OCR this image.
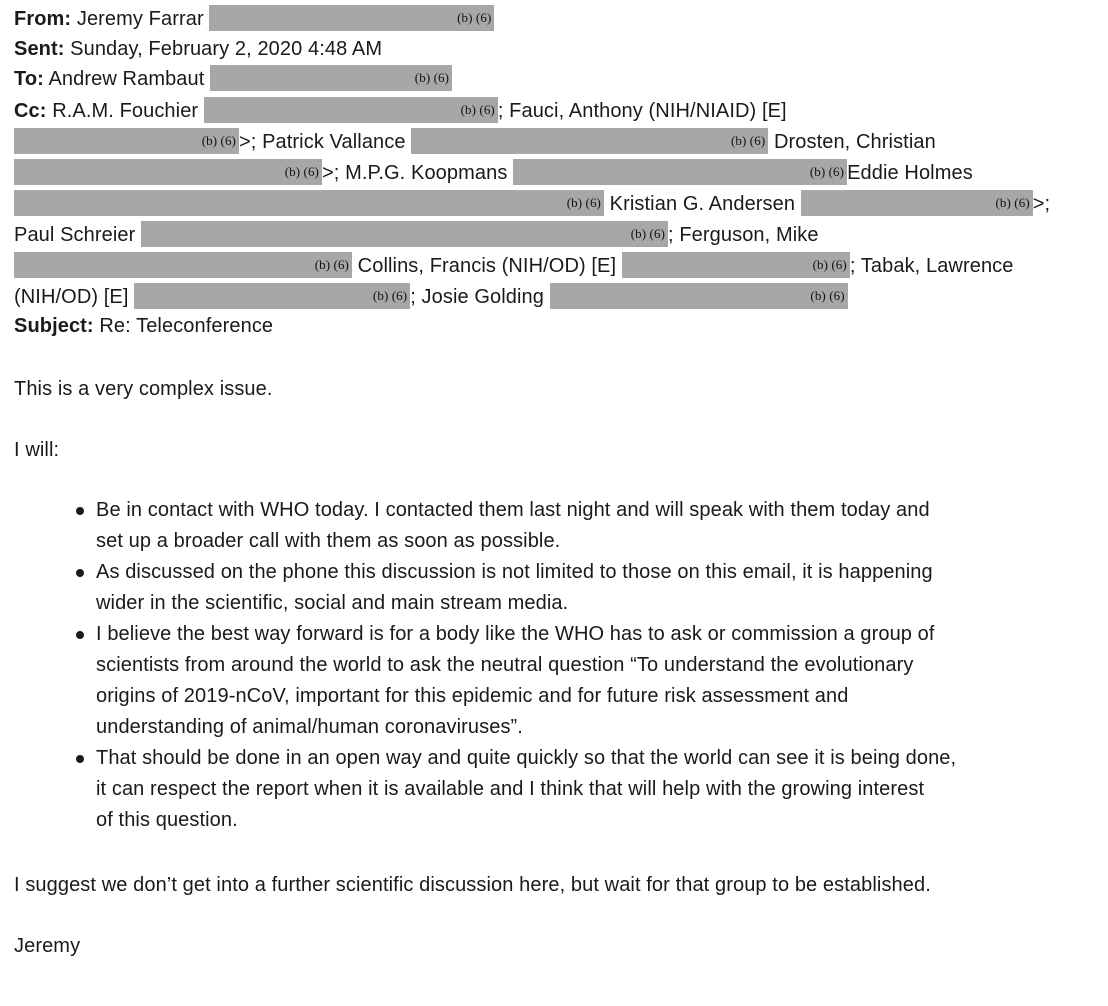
From: Jeremy Farrar	(b) (6)
Sent: Sunday, February 2, 2020 4:48 AM
To: Andrew Rambaut	(b) (6)
Cc: R.A.M. Fouchier	(b) (6) ; Fauci, Anthony (NIH/NIAID) [E]
(b) (6) >; Patrick Vallance	(b) (6) Drosten, Christian
(b) (6) >; M.P.G. Koopmans	(b) (6) Eddie Holmes
(b) (6) Kristian G. Andersen	(b) (6) >;
Paul Schreier	(b) (6) ; Ferguson, Mike
(b) (6) Collins, Francis (NIH/OD) [E]	(b) (6) ; Tabak, Lawrence
(NIH/OD) [E]	(b) (6) ; Josie Golding	(b) (6)
Subject: Re: Teleconference
This is a very complex issue.
I will:
Be in contact with WHO today. I contacted them last night and will speak with them today and
set up a broader call with them as soon as possible.
As discussed on the phone this discussion is not limited to those on this email, it is happening
wider in the scientific, social and main stream media.
I believe the best way forward is for a body like the WHO has to ask or commission a group of
scientists from around the world to ask the neutral question “To understand the evolutionary
origins of 2019-nCoV, important for this epidemic and for future risk assessment and
understanding of animal/human coronaviruses”.
That should be done in an open way and quite quickly so that the world can see it is being done,
it can respect the report when it is available and I think that will help with the growing interest
of this question.
I suggest we don’t get into a further scientific discussion here, but wait for that group to be established.
Jeremy
